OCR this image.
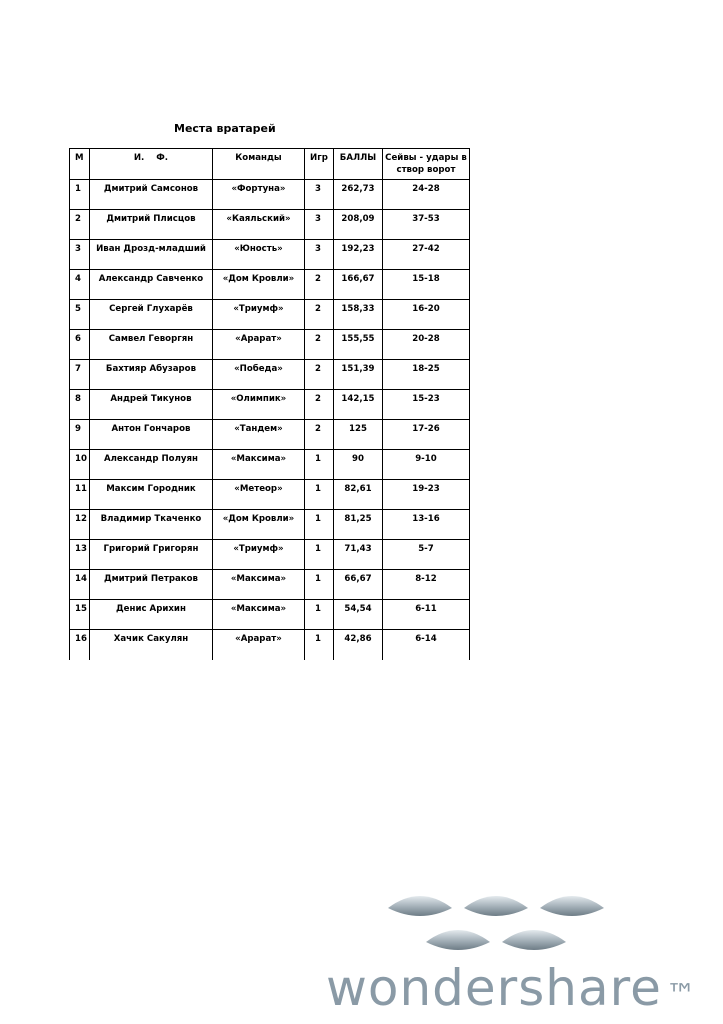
Места вратарей
М	И.    Ф.	Команды	Игр	БАЛЛЫ	Сейвы - удары в створ ворот
1	Дмитрий Самсонов	«Фортуна»	3	262,73	24-28
2	Дмитрий Плисцов	«Каяльский»	3	208,09	37-53
3	Иван Дрозд-младший	«Юность»	3	192,23	27-42
4	Александр Савченко	«Дом Кровли»	2	166,67	15-18
5	Сергей Глухарёв	«Триумф»	2	158,33	16-20
6	Самвел Геворгян	«Арарат»	2	155,55	20-28
7	Бахтияр Абузаров	«Победа»	2	151,39	18-25
8	Андрей Тикунов	«Олимпик»	2	142,15	15-23
9	Антон Гончаров	«Тандем»	2	125	17-26
10	Александр Полуян	«Максима»	1	90	9-10
11	Максим Городник	«Метеор»	1	82,61	19-23
12	Владимир Ткаченко	«Дом Кровли»	1	81,25	13-16
13	Григорий Григорян	«Триумф»	1	71,43	5-7
14	Дмитрий Петраков	«Максима»	1	66,67	8-12
15	Денис Арихин	«Максима»	1	54,54	6-11
16	Хачик Сакулян	«Арарат»	1	42,86	6-14
wondershare ™
